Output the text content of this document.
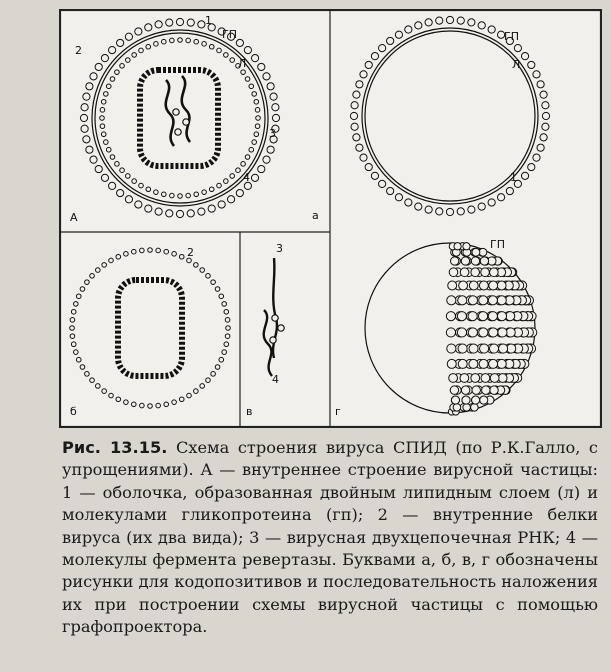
А	а
б	в	г
1
ГП
2
Л
3
4
ГП
Л
1
2	3
4
ГП
Рис. 13.15. Схема строения вируса СПИД (по Р.К.Галло, с упрощениями). А — внутреннее строение вирусной частицы: 1 — оболочка, образованная двойным липидным слоем (л) и молекулами гликопротеина (гп); 2 — внутренние белки вируса (их два вида); 3 — вирусная двухцепочечная РНК; 4 — молекулы фермента ревертазы. Буквами а, б, в, г обозначены рисунки для кодопозитивов и последовательность наложения их при построении схемы вирусной частицы с помощью графопроектора.
